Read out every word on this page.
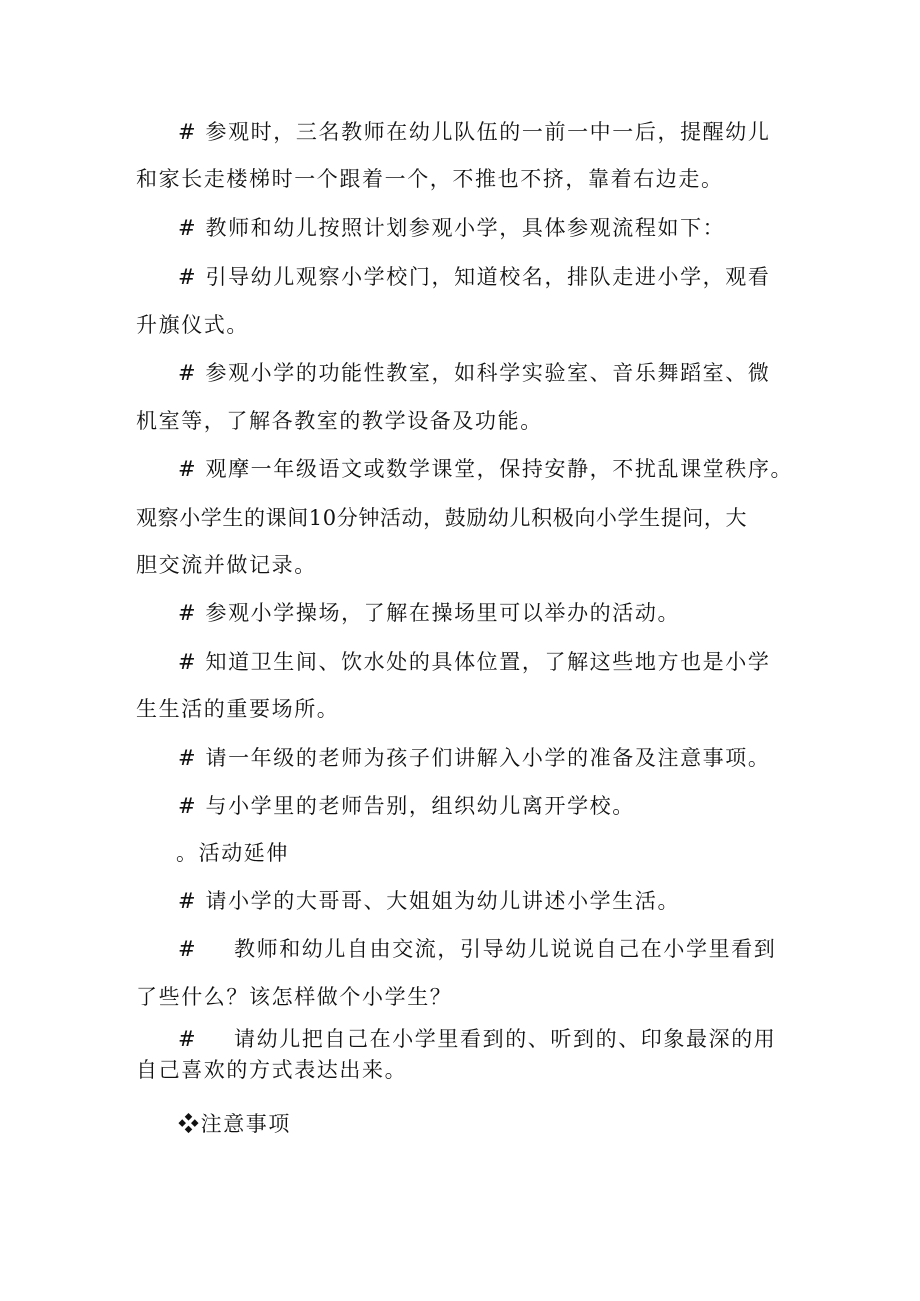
# 参观时，三名教师在幼儿队伍的一前一中一后，提醒幼儿
和家长走楼梯时一个跟着一个，不推也不挤，靠着右边走。
# 教师和幼儿按照计划参观小学，具体参观流程如下：
# 引导幼儿观察小学校门，知道校名，排队走进小学，观看
升旗仪式。
# 参观小学的功能性教室，如科学实验室、音乐舞蹈室、微
机室等，了解各教室的教学设备及功能。
# 观摩一年级语文或数学课堂，保持安静，不扰乱课堂秩序。
观察小学生的课间10分钟活动，鼓励幼儿积极向小学生提问，大
胆交流并做记录。
# 参观小学操场，了解在操场里可以举办的活动。
# 知道卫生间、饮水处的具体位置，了解这些地方也是小学
生生活的重要场所。
# 请一年级的老师为孩子们讲解入小学的准备及注意事项。
# 与小学里的老师告别，组织幼儿离开学校。
。活动延伸
# 请小学的大哥哥、大姐姐为幼儿讲述小学生活。
# 教师和幼儿自由交流，引导幼儿说说自己在小学里看到
了些什么？该怎样做个小学生？
# 请幼儿把自己在小学里看到的、听到的、印象最深的用
自己喜欢的方式表达出来。
❖注意事项
